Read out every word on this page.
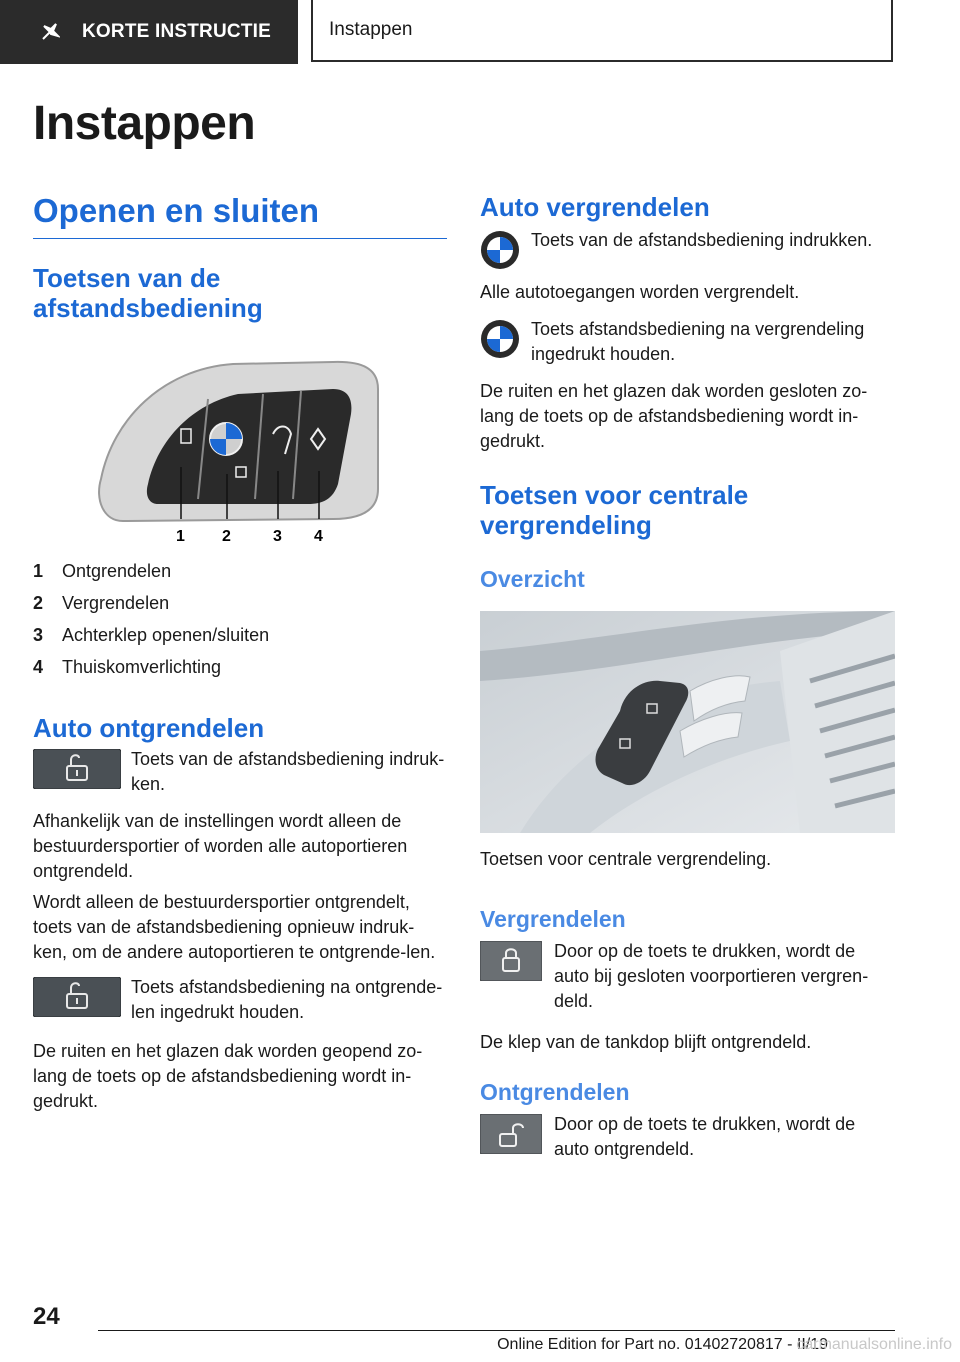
KORTE INSTRUCTIE	Instappen
Instappen
Openen en sluiten
Toetsen van de afstandsbediening
1 2	3 4
1	Ontgrendelen
2	Vergrendelen
3	Achterklep openen/sluiten
4	Thuiskomverlichting
Auto ontgrendelen

Toets van de afstandsbediening indruk-ken.

Afhankelijk van de instellingen wordt alleen de bestuurdersportier of worden alle autoportieren ontgrendeld.

Wordt alleen de bestuurdersportier ontgrendelt, toets van de afstandsbediening opnieuw indruk-ken, om de andere autoportieren te ontgrende-len.

Toets afstandsbediening na ontgrende-len ingedrukt houden.

De ruiten en het glazen dak worden geopend zo-lang de toets op de afstandsbediening wordt in-gedrukt.

Auto vergrendelen

Toets van de afstandsbediening indrukken.

Alle autotoegangen worden vergrendelt.

Toets afstandsbediening na vergrendeling ingedrukt houden.

De ruiten en het glazen dak worden gesloten zo-lang de toets op de afstandsbediening wordt in-gedrukt.

Toetsen voor centrale vergrendeling
Overzicht

Toetsen voor centrale vergrendeling.

Vergrendelen

Door op de toets te drukken, wordt de auto bij gesloten voorportieren vergren-deld.

De klep van de tankdop blijft ontgrendeld.

Ontgrendelen

Door op de toets te drukken, wordt de auto ontgrendeld.

24
Online Edition for Part no. 01402720817 - II/19
carmanualsonline.info
